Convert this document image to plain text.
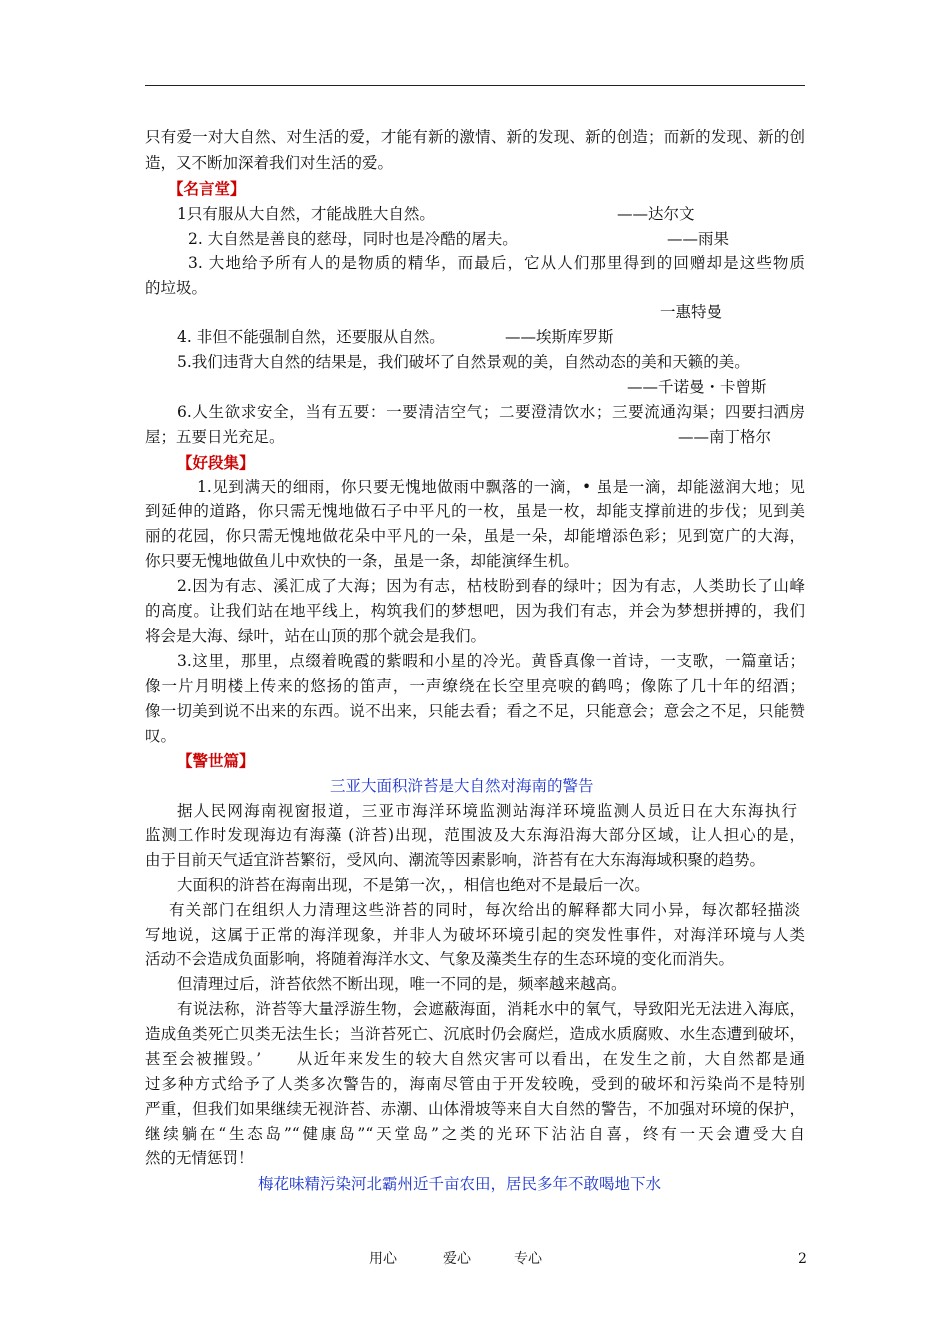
只有爱一对大自然、对生活的爱，才能有新的激情、新的发现、新的创造；而新的发现、新的创
造，又不断加深着我们对生活的爱。
【名言堂】
1只有服从大自然，才能战胜大自然。	——达尔文
2. 大自然是善良的慈母，同时也是冷酷的屠夫。	——雨果
3. 大地给予所有人的是物质的精华，而最后，它从人们那里得到的回赠却是这些物质
的垃圾。
一惠特曼
4. 非但不能强制自然，还要服从自然。	——埃斯库罗斯
5.我们违背大自然的结果是，我们破坏了自然景观的美，自然动态的美和天籁的美。
——千诺曼・卡曾斯
6.人生欲求安全，当有五要：一要清洁空气；二要澄清饮水；三要流通沟渠；四要扫洒房
屋；五要日光充足。	——南丁格尔
【好段集】
1.见到满天的细雨，你只要无愧地做雨中飘落的一滴，• 虽是一滴，却能滋润大地；见
到延伸的道路，你只需无愧地做石子中平凡的一枚，虽是一枚，却能支撑前进的步伐；见到美
丽的花园，你只需无愧地做花朵中平凡的一朵，虽是一朵，却能增添色彩；见到宽广的大海，
你只要无愧地做鱼儿中欢快的一条，虽是一条，却能演绎生机。
2.因为有志、溪汇成了大海；因为有志，枯枝盼到春的绿叶；因为有志，人类助长了山峰
的高度。让我们站在地平线上，构筑我们的梦想吧，因为我们有志，并会为梦想拼搏的，我们
将会是大海、绿叶，站在山顶的那个就会是我们。
3.这里，那里，点缀着晚霞的紫暇和小星的冷光。黄昏真像一首诗，一支歌，一篇童话；
像一片月明楼上传来的悠扬的笛声，一声缭绕在长空里亮唳的鹤鸣；像陈了几十年的绍酒；
像一切美到说不出来的东西。说不出来，只能去看；看之不足，只能意会；意会之不足，只能赞
叹。
【警世篇】
三亚大面积浒苔是大自然对海南的警告
据人民网海南视窗报道，三亚市海洋环境监测站海洋环境监测人员近日在大东海执行
监测工作时发现海边有海藻 (浒苔)出现，范围波及大东海沿海大部分区域，让人担心的是，
由于目前天气适宜浒苔繁衍，受风向、潮流等因素影响，浒苔有在大东海海域积聚的趋势。
大面积的浒苔在海南出现，不是第一次，，相信也绝对不是最后一次。
有关部门在组织人力清理这些浒苔的同时，每次给出的解释都大同小异，每次都轻描淡
写地说，这属于正常的海洋现象，并非人为破坏环境引起的突发性事件，对海洋环境与人类
活动不会造成负面影响，将随着海洋水文、气象及藻类生存的生态环境的变化而消失。
但清理过后，浒苔依然不断出现，唯一不同的是，频率越来越高。
有说法称，浒苔等大量浮游生物，会遮蔽海面，消耗水中的氧气，导致阳光无法进入海底，
造成鱼类死亡贝类无法生长；当浒苔死亡、沉底时仍会腐烂，造成水质腐败、水生态遭到破坏，
甚至会被摧毁。’　　从近年来发生的较大自然灾害可以看出，在发生之前，大自然都是通
过多种方式给予了人类多次警告的，海南尽管由于开发较晚，受到的破坏和污染尚不是特别
严重，但我们如果继续无视浒苔、赤潮、山体滑坡等来自大自然的警告，不加强对环境的保护，
继续躺在“生态岛”“健康岛”“天堂岛”之类的光环下沾沾自喜，终有一天会遭受大自
然的无情惩罚！
梅花味精污染河北霸州近千亩农田，居民多年不敢喝地下水
用心	爱心	专心	2
